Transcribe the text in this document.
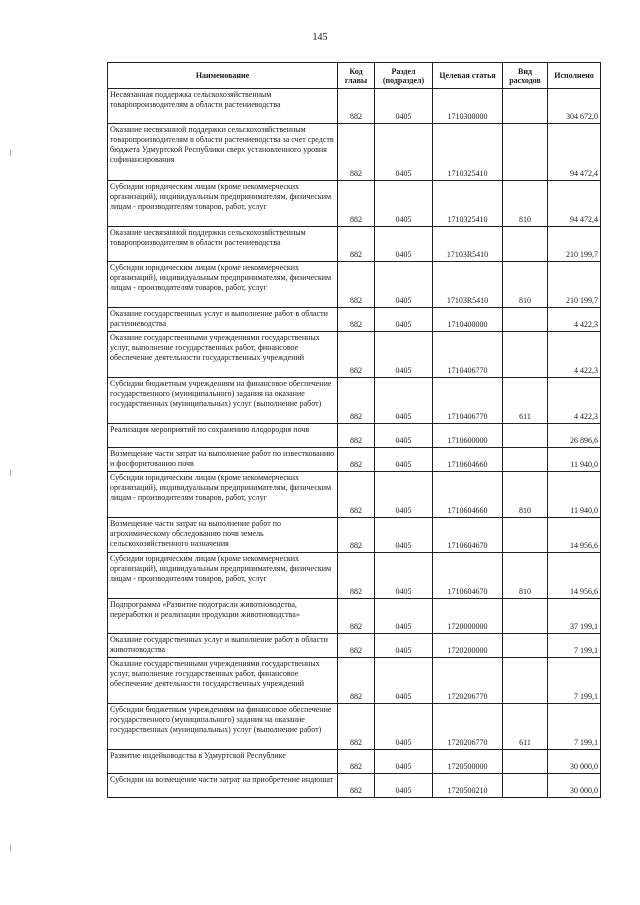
145
Наименование	Код главы	Раздел (подраздел)	Целевая статья	Вид расходов	Исполнено
Несвязанная поддержка сельскохозяйственным товаропроизводителям в области растениеводства	882	0405	1710300000		304 672,0
Оказание несвязанной поддержки сельскохозяйственным товаропроизводителям в области растениеводства за счет средств бюджета Удмуртской Республики сверх установленного уровня софинансирования	882	0405	1710325410		94 472,4
Субсидии юридическим лицам (кроме некоммерческих организаций), индивидуальным предпринимателям, физическим лицам - производителям товаров, работ, услуг	882	0405	1710325410	810	94 472,4
Оказание несвязанной поддержки сельскохозяйственным товаропроизводителям в области растениеводства	882	0405	17103R5410		210 199,7
Субсидии юридическим лицам (кроме некоммерческих организаций), индивидуальным предпринимателям, физическим лицам - производителям товаров, работ, услуг	882	0405	17103R5410	810	210 199,7
Оказание государственных услуг и выполнение работ в области растениеводства	882	0405	1710400000		4 422,3
Оказание государственными учреждениями государственных услуг, выполнение государственных работ, финансовое обеспечение деятельности государственных учреждений	882	0405	1710406770		4 422,3
Субсидии бюджетным учреждениям на финансовое обеспечение государственного (муниципального) задания на оказание государственных (муниципальных) услуг (выполнение работ)	882	0405	1710406770	611	4 422,3
Реализация мероприятий по сохранению плодородия почв	882	0405	1710600000		26 896,6
Возмещение части затрат на выполнение работ по известкованию и фосфоритованию почв	882	0405	1710604660		11 940,0
Субсидии юридическим лицам (кроме некоммерческих организаций), индивидуальным предпринимателям, физическим лицам - производителям товаров, работ, услуг	882	0405	1710604660	810	11 940,0
Возмещение части затрат на выполнение работ по агрохимическому обследованию почв земель сельскохозяйственного назначения	882	0405	1710604670		14 956,6
Субсидии юридическим лицам (кроме некоммерческих организаций), индивидуальным предпринимателям, физическим лицам - производителям товаров, работ, услуг	882	0405	1710604670	810	14 956,6
Подпрограмма «Развитие подотрасли животноводства, переработки и реализации продукции животноводства»	882	0405	1720000000		37 199,1
Оказание государственных услуг и выполнение работ в области животноводства	882	0405	1720200000		7 199,1
Оказание государственными учреждениями государственных услуг, выполнение государственных работ, финансовое обеспечение деятельности государственных учреждений	882	0405	1720206770		7 199,1
Субсидии бюджетным учреждениям на финансовое обеспечение государственного (муниципального) задания на оказание государственных (муниципальных) услуг (выполнение работ)	882	0405	1720206770	611	7 199,1
Развитие индейководства в Удмуртской Республике	882	0405	1720500000		30 000,0
Субсидии на возмещение части затрат на приобретение индюшат	882	0405	1720500210		30 000,0
